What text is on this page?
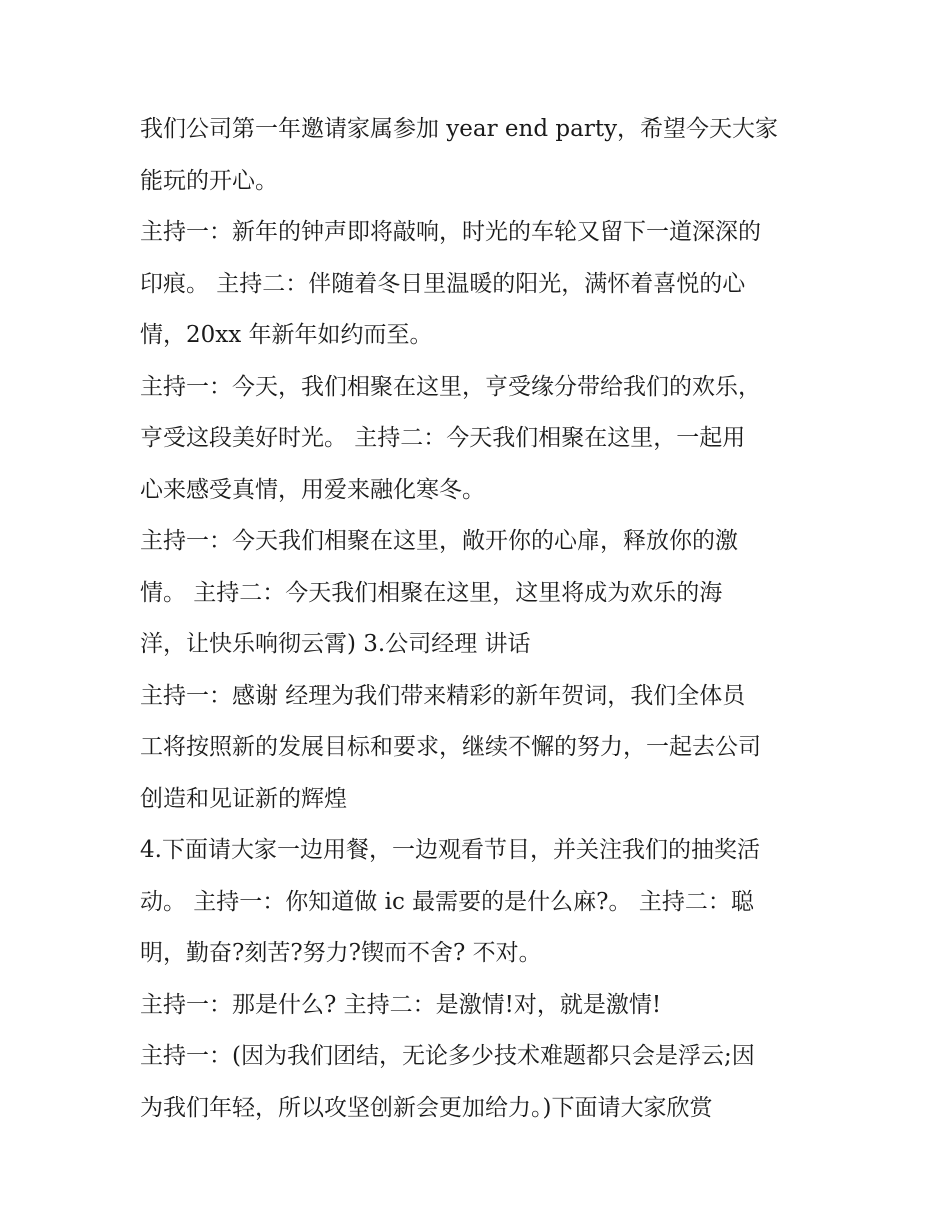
我们公司第一年邀请家属参加 year end party，希望今天大家
能玩的开心。
主持一：新年的钟声即将敲响，时光的车轮又留下一道深深的
印痕。 主持二：伴随着冬日里温暖的阳光，满怀着喜悦的心
情，20xx 年新年如约而至。
主持一：今天，我们相聚在这里，亨受缘分带给我们的欢乐，
亨受这段美好时光。 主持二：今天我们相聚在这里，一起用
心来感受真情，用爱来融化寒冬。
主持一：今天我们相聚在这里，敞开你的心扉，释放你的激
情。 主持二：今天我们相聚在这里，这里将成为欢乐的海
洋，让快乐响彻云霄) 3.公司经理 讲话
主持一：感谢 经理为我们带来精彩的新年贺词，我们全体员
工将按照新的发展目标和要求，继续不懈的努力，一起去公司
创造和见证新的辉煌
4.下面请大家一边用餐，一边观看节目，并关注我们的抽奖活
动。 主持一：你知道做 ic 最需要的是什么麻?。 主持二：聪
明，勤奋?刻苦?努力?锲而不舍? 不对。
主持一：那是什么? 主持二：是激情!对，就是激情!
主持一：(因为我们团结，无论多少技术难题都只会是浮云;因
为我们年轻，所以攻坚创新会更加给力。)下面请大家欣赏
